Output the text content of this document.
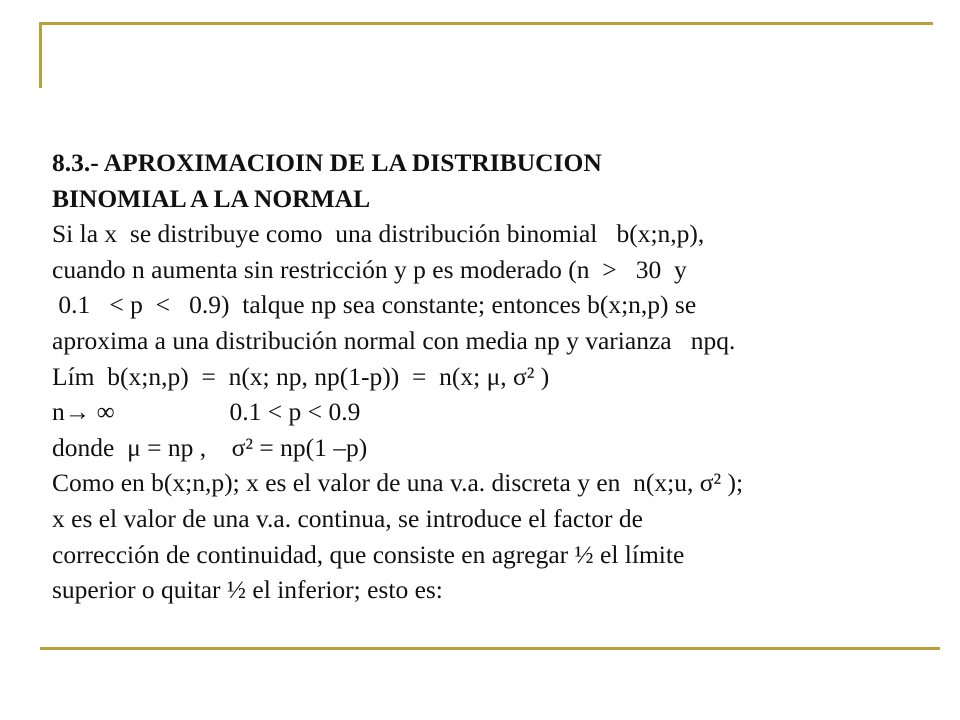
8.3.- APROXIMACIOIN DE LA DISTRIBUCION
BINOMIAL A LA NORMAL
Si la x  se distribuye como  una distribución binomial   b(x;n,p),
cuando n aumenta sin restricción y p es moderado (n  >   30  y
0.1   < p  <   0.9)  talque np sea constante; entonces b(x;n,p) se
aproxima a una distribución normal con media np y varianza   npq.
Lím  b(x;n,p)  =  n(x; np, np(1-p))  =  n(x; μ, σ² )
n→ ∞                  0.1 < p < 0.9
donde  μ = np ,    σ² = np(1 –p)
Como en b(x;n,p); x es el valor de una v.a. discreta y en  n(x;u, σ² );
x es el valor de una v.a. continua, se introduce el factor de
corrección de continuidad, que consiste en agregar ½ el límite
superior o quitar ½ el inferior; esto es:
